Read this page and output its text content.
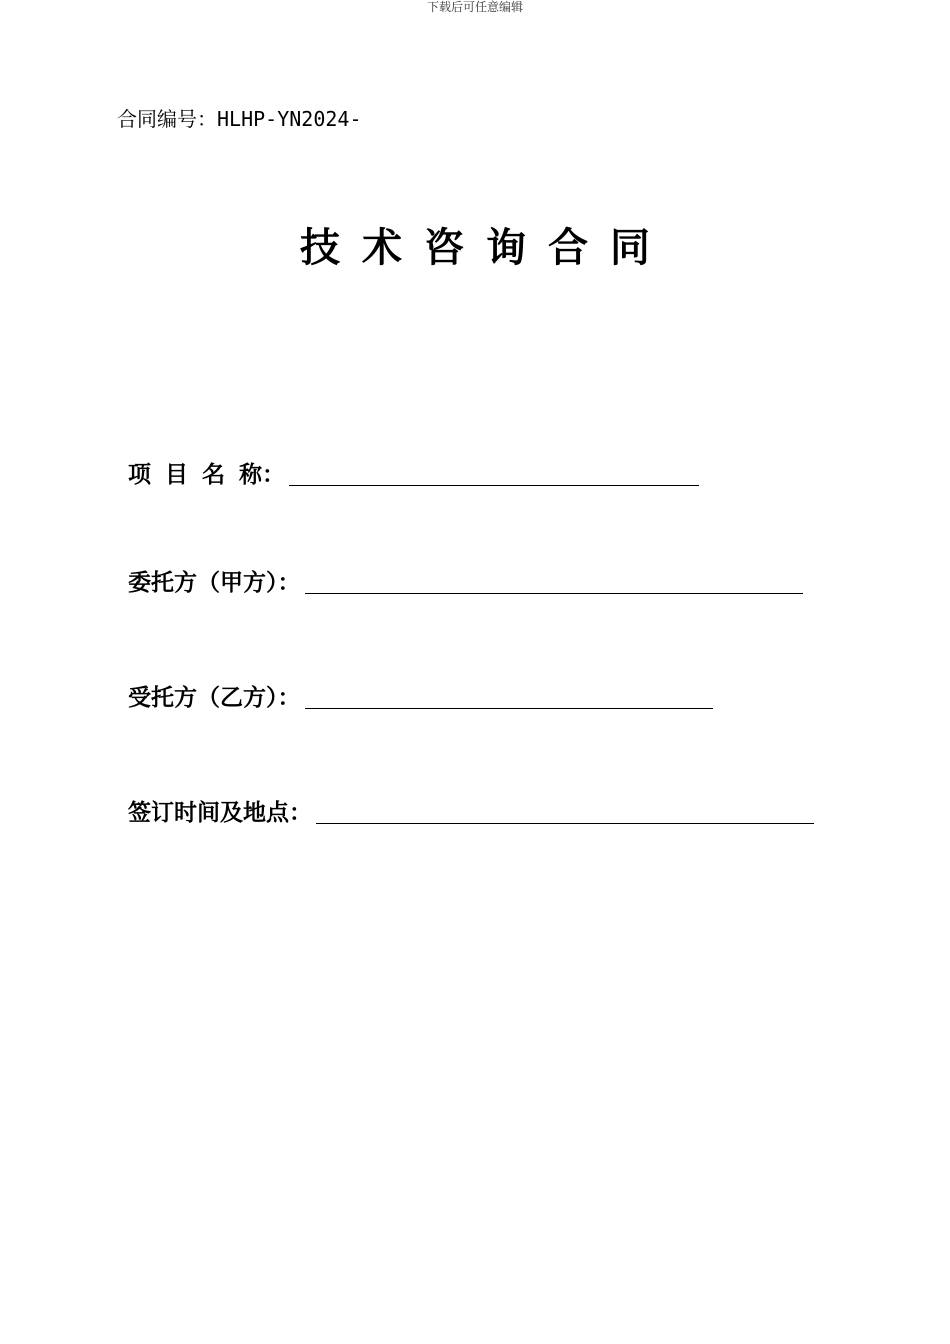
下载后可任意编辑
合同编号：HLHP-YN2024-
技术咨询合同
项目名称：
委托方（甲方）：
受托方（乙方）：
签订时间及地点：
